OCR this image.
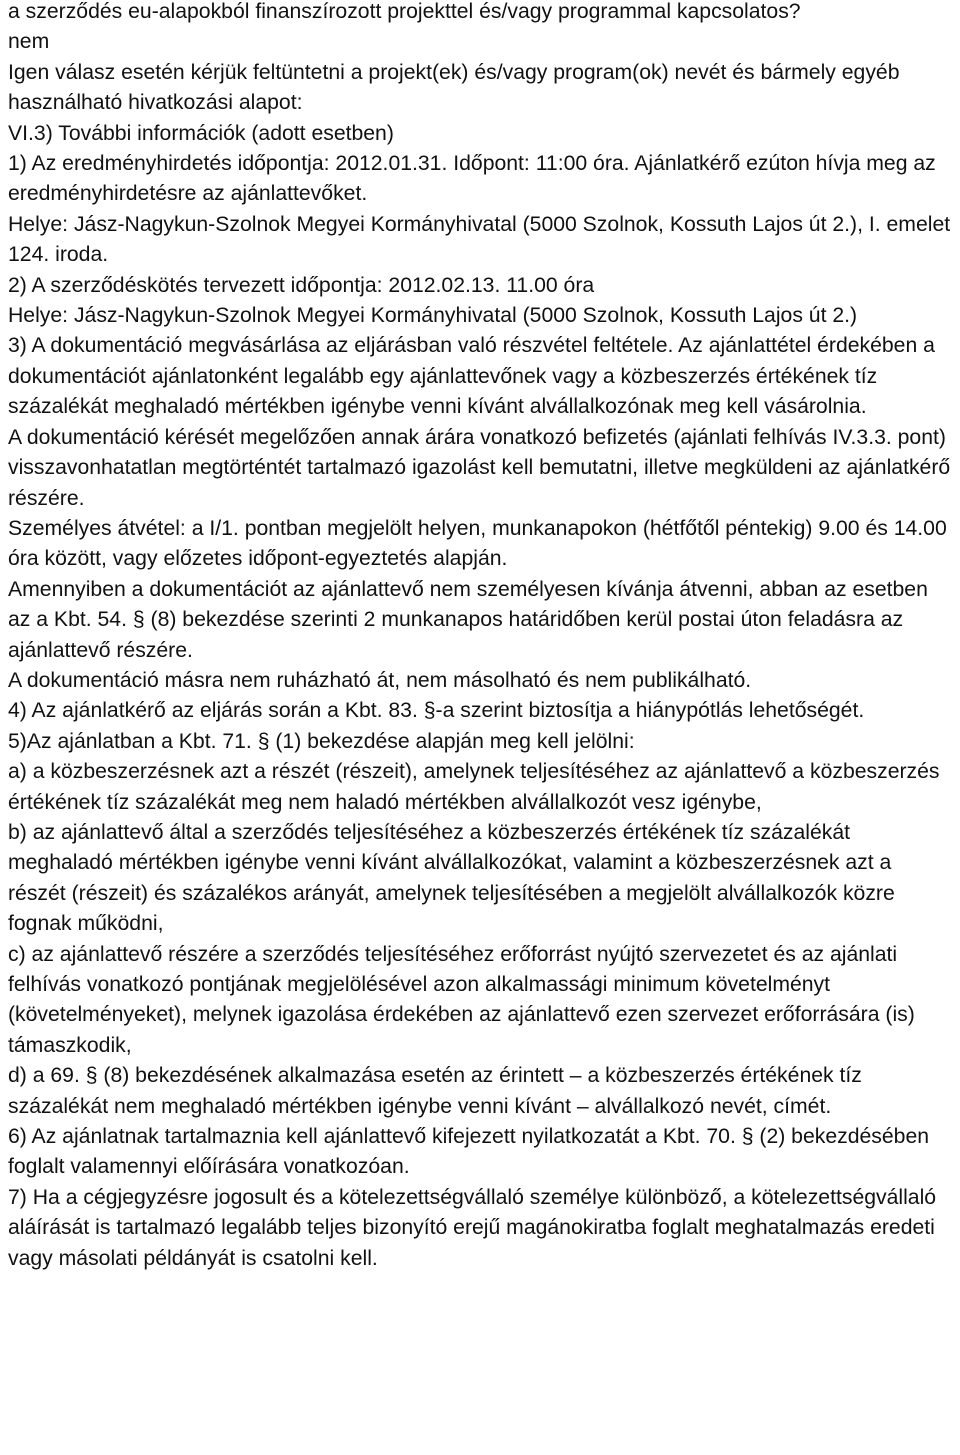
a szerződés eu-alapokból finanszírozott projekttel és/vagy programmal kapcsolatos?

nem

Igen válasz esetén kérjük feltüntetni a projekt(ek) és/vagy program(ok) nevét és bármely egyéb használható hivatkozási alapot:

VI.3) További információk (adott esetben)

1) Az eredményhirdetés időpontja: 2012.01.31. Időpont: 11:00 óra. Ajánlatkérő ezúton hívja meg az eredményhirdetésre az ajánlattevőket.

Helye: Jász-Nagykun-Szolnok Megyei Kormányhivatal (5000 Szolnok, Kossuth Lajos út 2.), I. emelet 124. iroda.

2) A szerződéskötés tervezett időpontja: 2012.02.13. 11.00 óra

Helye: Jász-Nagykun-Szolnok Megyei Kormányhivatal (5000 Szolnok, Kossuth Lajos út 2.)

3) A dokumentáció megvásárlása az eljárásban való részvétel feltétele. Az ajánlattétel érdekében a dokumentációt ajánlatonként legalább egy ajánlattevőnek vagy a közbeszerzés értékének tíz százalékát meghaladó mértékben igénybe venni kívánt alvállalkozónak meg kell vásárolnia.

A dokumentáció kérését megelőzően annak árára vonatkozó befizetés (ajánlati felhívás IV.3.3. pont) visszavonhatatlan megtörténtét tartalmazó igazolást kell bemutatni, illetve megküldeni az ajánlatkérő részére.

Személyes átvétel: a I/1. pontban megjelölt helyen, munkanapokon (hétfőtől péntekig) 9.00 és 14.00 óra között, vagy előzetes időpont-egyeztetés alapján.

Amennyiben a dokumentációt az ajánlattevő nem személyesen kívánja átvenni, abban az esetben az a Kbt. 54. § (8) bekezdése szerinti 2 munkanapos határidőben kerül postai úton feladásra az ajánlattevő részére.

A dokumentáció másra nem ruházható át, nem másolható és nem publikálható.

4) Az ajánlatkérő az eljárás során a Kbt. 83. §-a szerint biztosítja a hiánypótlás lehetőségét.

5)Az ajánlatban a Kbt. 71. § (1) bekezdése alapján meg kell jelölni:

a) a közbeszerzésnek azt a részét (részeit), amelynek teljesítéséhez az ajánlattevő a közbeszerzés értékének tíz százalékát meg nem haladó mértékben alvállalkozót vesz igénybe,

b) az ajánlattevő által a szerződés teljesítéséhez a közbeszerzés értékének tíz százalékát meghaladó mértékben igénybe venni kívánt alvállalkozókat, valamint a közbeszerzésnek azt a részét (részeit) és százalékos arányát, amelynek teljesítésében a megjelölt alvállalkozók közre fognak működni,

c) az ajánlattevő részére a szerződés teljesítéséhez erőforrást nyújtó szervezetet és az ajánlati felhívás vonatkozó pontjának megjelölésével azon alkalmassági minimum követelményt (követelményeket), melynek igazolása érdekében az ajánlattevő ezen szervezet erőforrására (is) támaszkodik,

d) a 69. § (8) bekezdésének alkalmazása esetén az érintett – a közbeszerzés értékének tíz százalékát nem meghaladó mértékben igénybe venni kívánt – alvállalkozó nevét, címét.

6) Az ajánlatnak tartalmaznia kell ajánlattevő kifejezett nyilatkozatát a Kbt. 70. § (2) bekezdésében foglalt valamennyi előírására vonatkozóan.

7) Ha a cégjegyzésre jogosult és a kötelezettségvállaló személye különböző, a kötelezettségvállaló aláírását is tartalmazó legalább teljes bizonyító erejű magánokiratba foglalt meghatalmazás eredeti vagy másolati példányát is csatolni kell.
